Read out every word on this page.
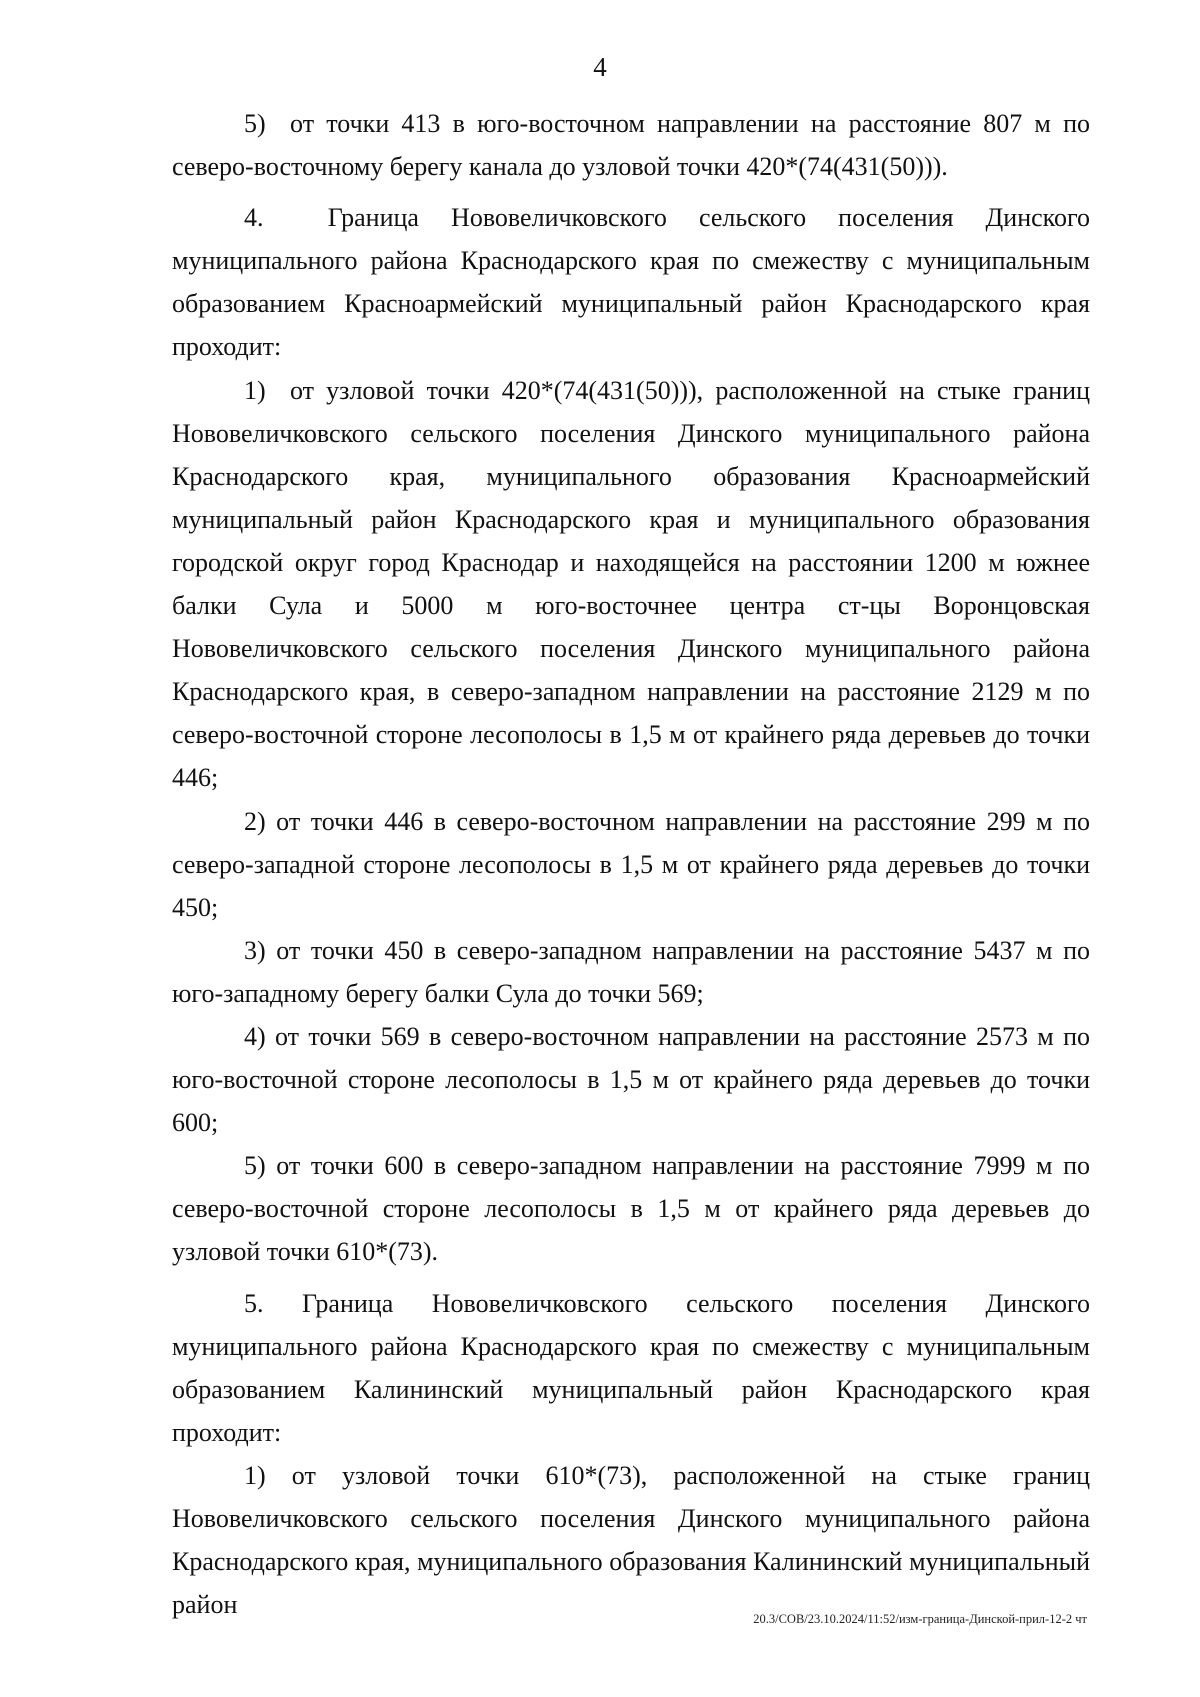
4

5)  от точки 413 в юго-восточном направлении на расстояние 807 м по северо-восточному берегу канала до узловой точки 420*(74(431(50))).

4.  Граница Нововеличковского сельского поселения Динского муниципального района Краснодарского края по смежеству с муниципальным образованием Красноармейский муниципальный район Краснодарского края проходит:

1)  от узловой точки 420*(74(431(50))), расположенной на стыке границ Нововеличковского сельского поселения Динского муниципального района Краснодарского края, муниципального образования Красноармейский муниципальный район Краснодарского края и муниципального образования городской округ город Краснодар и находящейся на расстоянии 1200 м южнее балки Сула и 5000 м юго-восточнее центра ст-цы Воронцовская Нововеличковского сельского поселения Динского муниципального района Краснодарского края, в северо-западном направлении на расстояние 2129 м по северо-восточной стороне лесополосы в 1,5 м от крайнего ряда деревьев до точки 446;

2) от точки 446 в северо-восточном направлении на расстояние 299 м по северо-западной стороне лесополосы в 1,5 м от крайнего ряда деревьев до точки 450;

3) от точки 450 в северо-западном направлении на расстояние 5437 м по юго-западному берегу балки Сула до точки 569;

4) от точки 569 в северо-восточном направлении на расстояние 2573 м по юго-восточной стороне лесополосы в 1,5 м от крайнего ряда деревьев до точки 600;

5) от точки 600 в северо-западном направлении на расстояние 7999 м по северо-восточной стороне лесополосы в 1,5 м от крайнего ряда деревьев до узловой точки 610*(73).

5. Граница Нововеличковского сельского поселения Динского муниципального района Краснодарского края по смежеству с муниципальным образованием Калининский муниципальный район Краснодарского края проходит:

1) от узловой точки 610*(73), расположенной на стыке границ Нововеличковского сельского поселения Динского муниципального района Краснодарского края, муниципального образования Калининский муниципальный район	20.3/СОВ/23.10.2024/11:52/изм-граница-Динской-прил-12-2 чт
